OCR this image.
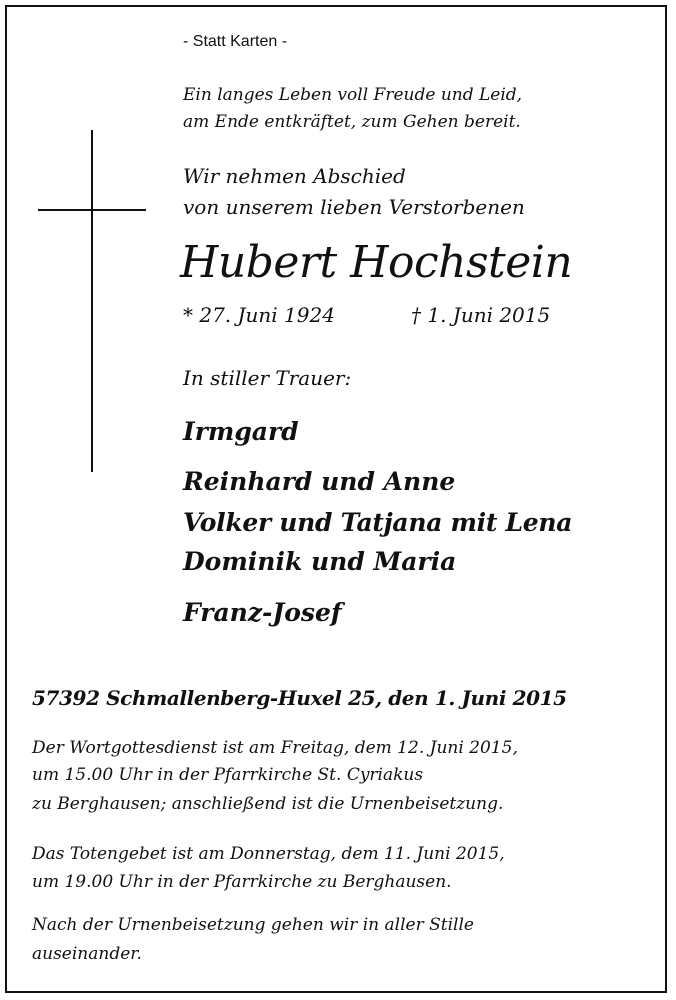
- Statt Karten -
Ein langes Leben voll Freude und Leid,
am Ende entkräftet, zum Gehen bereit.
Wir nehmen Abschied
von unserem lieben Verstorbenen
Hubert Hochstein
* 27. Juni 1924	† 1. Juni 2015
In stiller Trauer:
Irmgard
Reinhard und Anne
Volker und Tatjana mit Lena
Dominik und Maria
Franz-Josef
57392 Schmallenberg-Huxel 25, den 1. Juni 2015
Der Wortgottesdienst ist am Freitag, dem 12. Juni 2015,
um 15.00 Uhr in der Pfarrkirche St. Cyriakus
zu Berghausen; anschließend ist die Urnenbeisetzung.
Das Totengebet ist am Donnerstag, dem 11. Juni 2015,
um 19.00 Uhr in der Pfarrkirche zu Berghausen.
Nach der Urnenbeisetzung gehen wir in aller Stille
auseinander.
